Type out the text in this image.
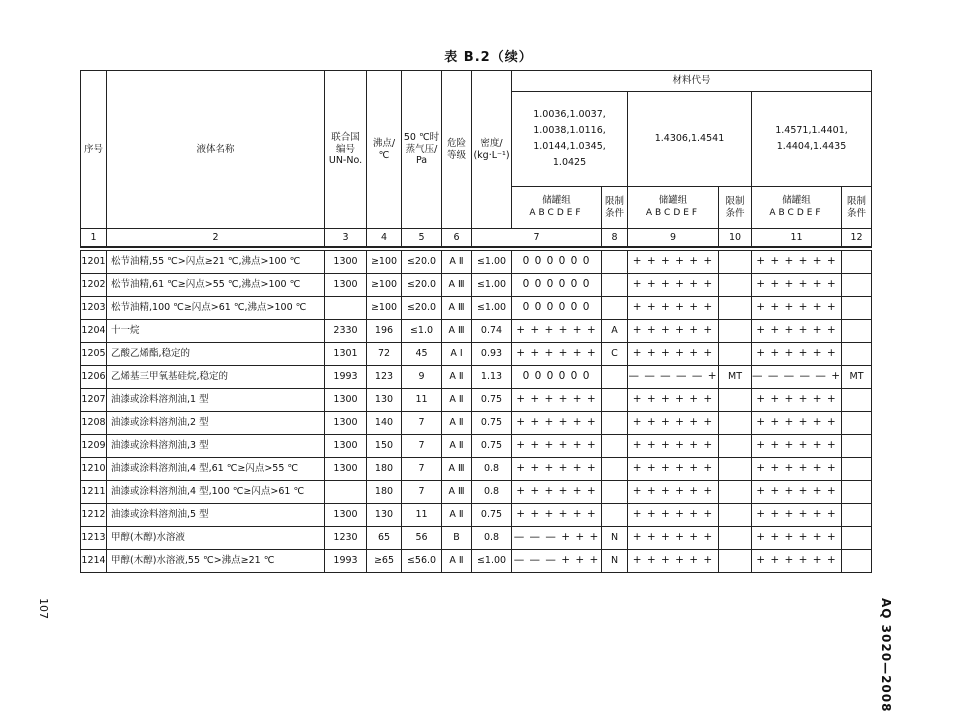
表 B.2（续）
序号	液体名称	联合国
编号
UN-No.	沸点/
℃	50 ℃时
蒸气压/
Pa	危险
等级	密度/
(kg·L⁻¹)	材料代号					
							1.0036,1.0037,
1.0038,1.0116,
1.0144,1.0345,
1.0425		1.4306,1.4541		1.4571,1.4401,
1.4404,1.4435	
							储罐组
ABCDEF	限制
条件	储罐组
ABCDEF	限制
条件	储罐组
ABCDEF	限制
条件
1	2	3	4	5	6	7		8	9	10	11	12

1201	松节油精,55 ℃>闪点≥21 ℃,沸点>100 ℃	1300	≥100	≤20.0	A Ⅱ	≤1.00	0 0 0 0 0 0		+ + + + + +		+ + + + + +	
1202	松节油精,61 ℃≥闪点>55 ℃,沸点>100 ℃	1300	≥100	≤20.0	A Ⅲ	≤1.00	0 0 0 0 0 0		+ + + + + +		+ + + + + +	
1203	松节油精,100 ℃≥闪点>61 ℃,沸点>100 ℃		≥100	≤20.0	A Ⅲ	≤1.00	0 0 0 0 0 0		+ + + + + +		+ + + + + +	
1204	十一烷	2330	196	≤1.0	A Ⅲ	0.74	+ + + + + +	A	+ + + + + +		+ + + + + +	
1205	乙酸乙烯酯,稳定的	1301	72	45	A Ⅰ	0.93	+ + + + + +	C	+ + + + + +		+ + + + + +	
1206	乙烯基三甲氧基硅烷,稳定的	1993	123	9	A Ⅱ	1.13	0 0 0 0 0 0		— — — — — +	MT	— — — — — +	MT
1207	油漆或涂料溶剂油,1 型	1300	130	11	A Ⅱ	0.75	+ + + + + +		+ + + + + +		+ + + + + +	
1208	油漆或涂料溶剂油,2 型	1300	140	7	A Ⅱ	0.75	+ + + + + +		+ + + + + +		+ + + + + +	
1209	油漆或涂料溶剂油,3 型	1300	150	7	A Ⅱ	0.75	+ + + + + +		+ + + + + +		+ + + + + +	
1210	油漆或涂料溶剂油,4 型,61 ℃≥闪点>55 ℃	1300	180	7	A Ⅲ	0.8	+ + + + + +		+ + + + + +		+ + + + + +	
1211	油漆或涂料溶剂油,4 型,100 ℃≥闪点>61 ℃		180	7	A Ⅲ	0.8	+ + + + + +		+ + + + + +		+ + + + + +	
1212	油漆或涂料溶剂油,5 型	1300	130	11	A Ⅱ	0.75	+ + + + + +		+ + + + + +		+ + + + + +	
1213	甲醇(木醇)水溶液	1230	65	56	B	0.8	— — — + + +	N	+ + + + + +		+ + + + + +	
1214	甲醇(木醇)水溶液,55 ℃>沸点≥21 ℃	1993	≥65	≤56.0	A Ⅱ	≤1.00	— — — + + +	N	+ + + + + +		+ + + + + +	
AQ 3020—2008
107
